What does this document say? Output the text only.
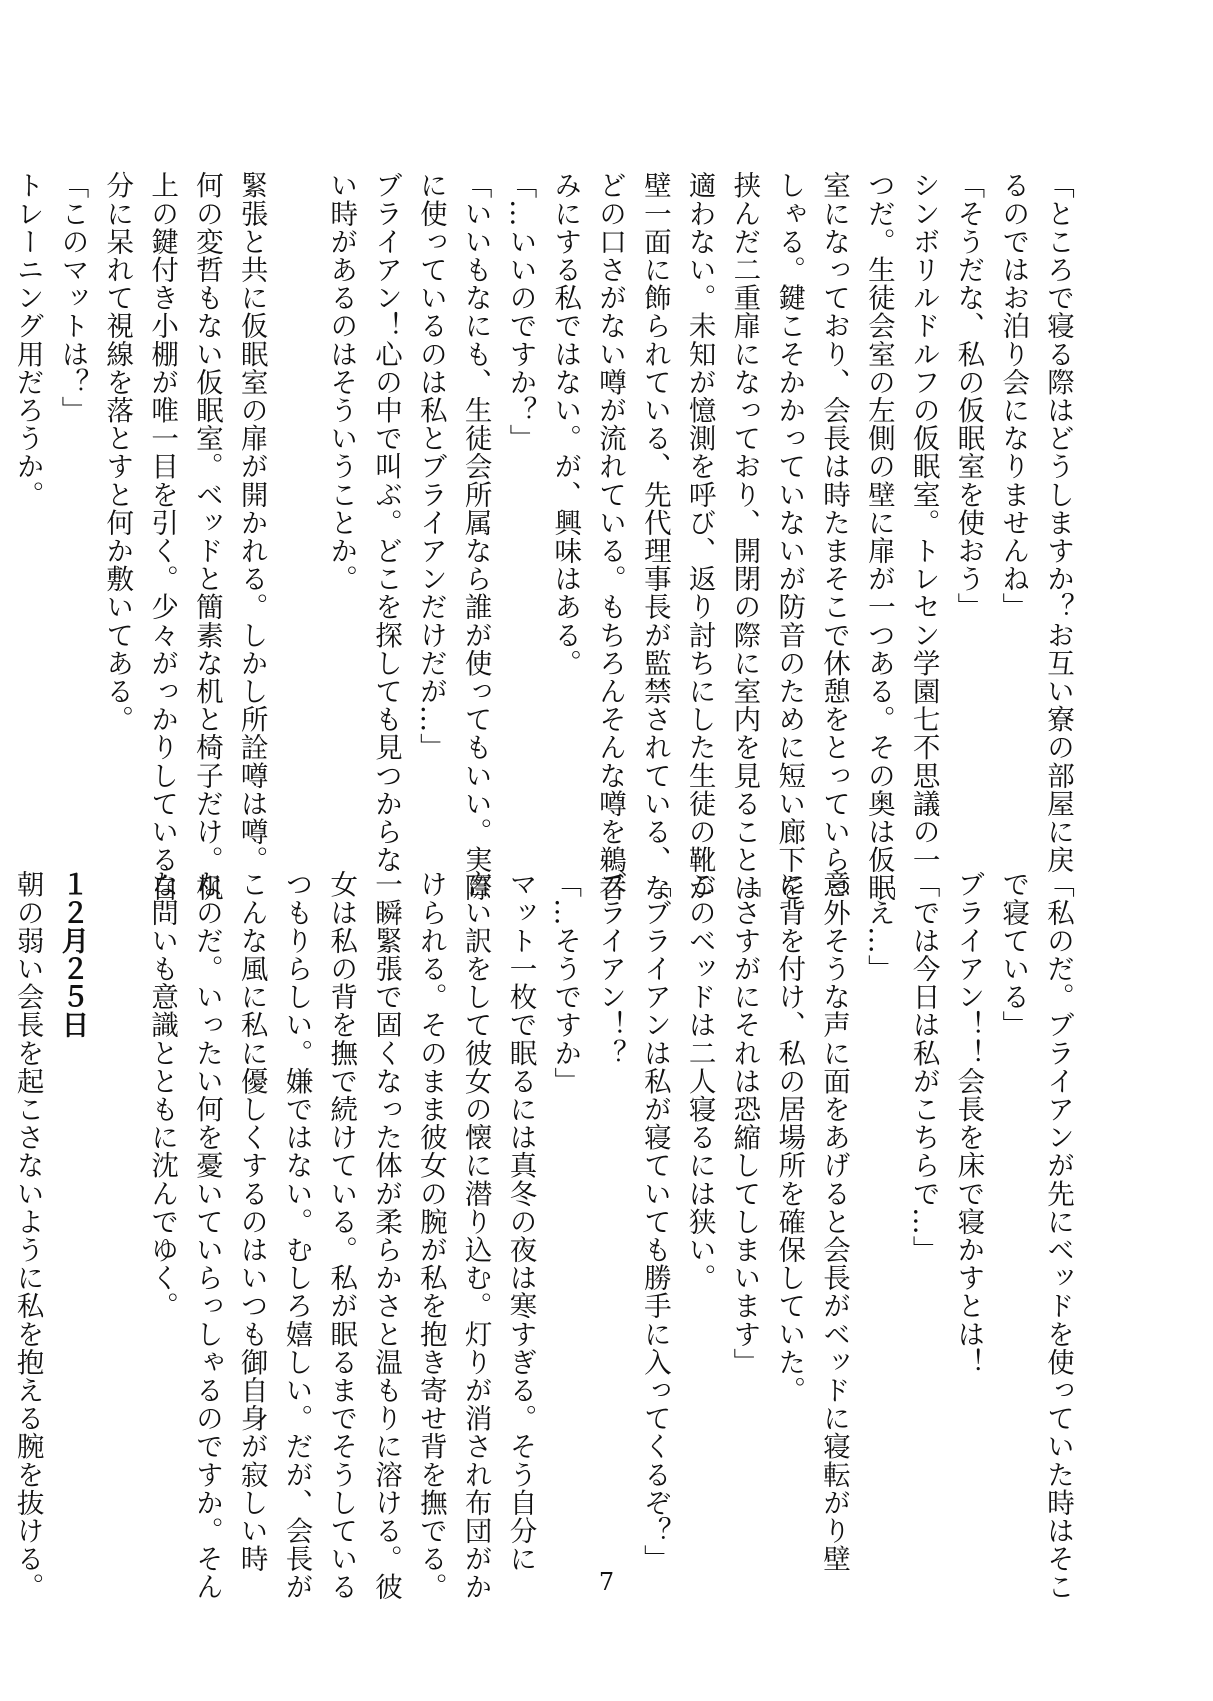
「ところで寝る際はどうしますか？お互い寮の部屋に戻
るのではお泊り会になりませんね」
「そうだな、私の仮眠室を使おう」
シンボリルドルフの仮眠室。トレセン学園七不思議の一
つだ。生徒会室の左側の壁に扉が一つある。その奥は仮眠
室になっており、会長は時たまそこで休憩をとっていらっ
しゃる。鍵こそかかっていないが防音のために短い廊下を
挟んだ二重扉になっており、開閉の際に室内を見ることは
適わない。未知が憶測を呼び、返り討ちにした生徒の靴が
壁一面に飾られている、先代理事長が監禁されている、な
どの口さがない噂が流れている。もちろんそんな噂を鵜呑
みにする私ではない。が、興味はある。
「…いいのですか？」
「いいもなにも、生徒会所属なら誰が使ってもいい。実際
に使っているのは私とブライアンだけだが…」
ブライアン！心の中で叫ぶ。どこを探しても見つからな
い時があるのはそういうことか。
緊張と共に仮眠室の扉が開かれる。しかし所詮噂は噂。
何の変哲もない仮眠室。ベッドと簡素な机と椅子だけ。机
上の鍵付き小棚が唯一目を引く。少々がっかりしている自
分に呆れて視線を落とすと何か敷いてある。
「このマットは？」
トレーニング用だろうか。
「私のだ。ブライアンが先にベッドを使っていた時はそこ
で寝ている」
ブライアン！！会長を床で寝かすとは！
「では今日は私がこちらで…」
「え…」
意外そうな声に面をあげると会長がベッドに寝転がり壁
に背を付け、私の居場所を確保していた。
「さすがにそれは恐縮してしまいます」
このベッドは二人寝るには狭い。
「ブライアンは私が寝ていても勝手に入ってくるぞ？」
ブライアン！？
「…そうですか」
マット一枚で眠るには真冬の夜は寒すぎる。そう自分に
言い訳をして彼女の懐に潜り込む。灯りが消され布団がか
けられる。そのまま彼女の腕が私を抱き寄せ背を撫でる。
一瞬緊張で固くなった体が柔らかさと温もりに溶ける。彼
女は私の背を撫で続けている。私が眠るまでそうしている
つもりらしい。嫌ではない。むしろ嬉しい。だが、会長が
こんな風に私に優しくするのはいつも御自身が寂しい時
なのだ。いったい何を憂いていらっしゃるのですか。そん
な問いも意識とともに沈んでゆく。
１２月２５日
朝の弱い会長を起こさないように私を抱える腕を抜ける。	7
